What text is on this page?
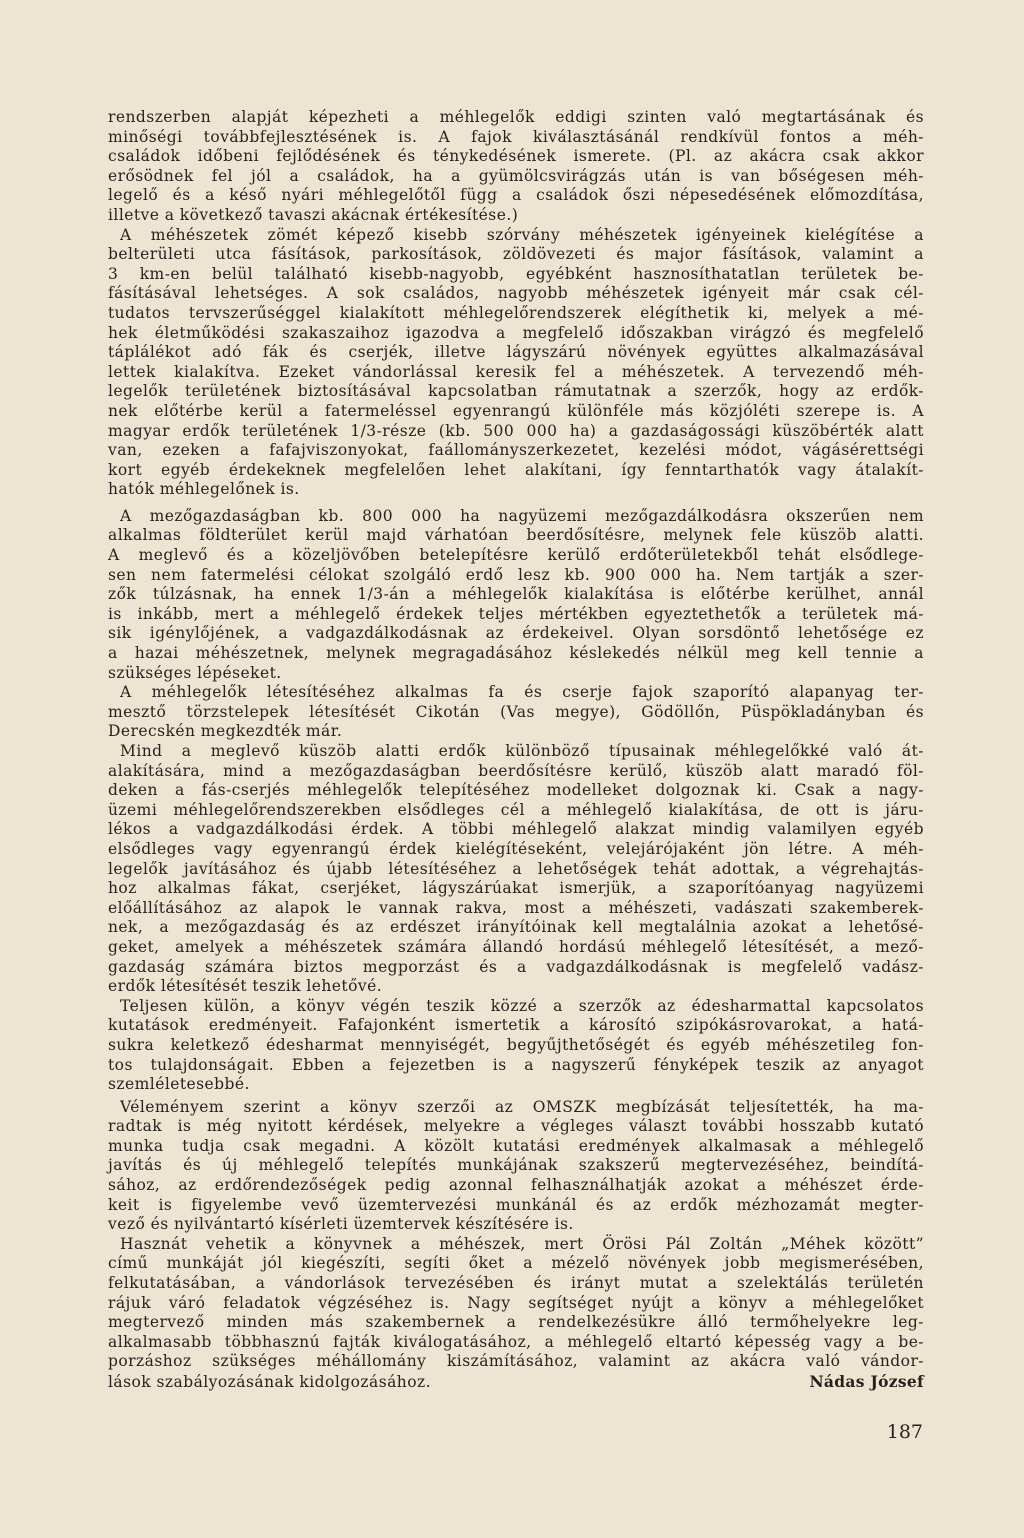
rendszerben alapját képezheti a méhlegelők eddigi szinten való megtartásának és
minőségi továbbfejlesztésének is. A fajok kiválasztásánál rendkívül fontos a méh-
családok időbeni fejlődésének és ténykedésének ismerete. (Pl. az akácra csak akkor
erősödnek fel jól a családok, ha a gyümölcsvirágzás után is van bőségesen méh-
legelő és a késő nyári méhlegelőtől függ a családok őszi népesedésének előmozdítása,
illetve a következő tavaszi akácnak értékesítése.)
A méhészetek zömét képező kisebb szórvány méhészetek igényeinek kielégítése a
belterületi utca fásítások, parkosítások, zöldövezeti és major fásítások, valamint a
3 km-en belül található kisebb-nagyobb, egyébként hasznosíthatatlan területek be-
fásításával lehetséges. A sok családos, nagyobb méhészetek igényeit már csak cél-
tudatos tervszerűséggel kialakított méhlegelőrendszerek elégíthetik ki, melyek a mé-
hek életműködési szakaszaihoz igazodva a megfelelő időszakban virágzó és megfelelő
táplálékot adó fák és cserjék, illetve lágyszárú növények együttes alkalmazásával
lettek kialakítva. Ezeket vándorlással keresik fel a méhészetek. A tervezendő méh-
legelők területének biztosításával kapcsolatban rámutatnak a szerzők, hogy az erdők-
nek előtérbe kerül a fatermeléssel egyenrangú különféle más közjóléti szerepe is. A
magyar erdők területének 1/3-része (kb. 500 000 ha) a gazdaságossági küszöbérték alatt
van, ezeken a fafajviszonyokat, faállományszerkezetet, kezelési módot, vágásérettségi
kort egyéb érdekeknek megfelelően lehet alakítani, így fenntarthatók vagy átalakít-
hatók méhlegelőnek is.
A mezőgazdaságban kb. 800 000 ha nagyüzemi mezőgazdálkodásra okszerűen nem
alkalmas földterület kerül majd várhatóan beerdősítésre, melynek fele küszöb alatti.
A meglevő és a közeljövőben betelepítésre kerülő erdőterületekből tehát elsődlege-
sen nem fatermelési célokat szolgáló erdő lesz kb. 900 000 ha. Nem tartják a szer-
zők túlzásnak, ha ennek 1/3-án a méhlegelők kialakítása is előtérbe kerülhet, annál
is inkább, mert a méhlegelő érdekek teljes mértékben egyeztethetők a területek má-
sik igénylőjének, a vadgazdálkodásnak az érdekeivel. Olyan sorsdöntő lehetősége ez
a hazai méhészetnek, melynek megragadásához késlekedés nélkül meg kell tennie a
szükséges lépéseket.
A méhlegelők létesítéséhez alkalmas fa és cserje fajok szaporító alapanyag ter-
mesztő törzstelepek létesítését Cikotán (Vas megye), Gödöllőn, Püspökladányban és
Derecskén megkezdték már.
Mind a meglevő küszöb alatti erdők különböző típusainak méhlegelőkké való át-
alakítására, mind a mezőgazdaságban beerdősítésre kerülő, küszöb alatt maradó föl-
deken a fás-cserjés méhlegelők telepítéséhez modelleket dolgoznak ki. Csak a nagy-
üzemi méhlegelőrendszerekben elsődleges cél a méhlegelő kialakítása, de ott is járu-
lékos a vadgazdálkodási érdek. A többi méhlegelő alakzat mindig valamilyen egyéb
elsődleges vagy egyenrangú érdek kielégítéseként, velejárójaként jön létre. A méh-
legelők javításához és újabb létesítéséhez a lehetőségek tehát adottak, a végrehajtás-
hoz alkalmas fákat, cserjéket, lágyszárúakat ismerjük, a szaporítóanyag nagyüzemi
előállításához az alapok le vannak rakva, most a méhészeti, vadászati szakemberek-
nek, a mezőgazdaság és az erdészet irányítóinak kell megtalálnia azokat a lehetősé-
geket, amelyek a méhészetek számára állandó hordású méhlegelő létesítését, a mező-
gazdaság számára biztos megporzást és a vadgazdálkodásnak is megfelelő vadász-
erdők létesítését teszik lehetővé.
Teljesen külön, a könyv végén teszik közzé a szerzők az édesharmattal kapcsolatos
kutatások eredményeit. Fafajonként ismertetik a károsító szipókásrovarokat, a hatá-
sukra keletkező édesharmat mennyiségét, begyűjthetőségét és egyéb méhészetileg fon-
tos tulajdonságait. Ebben a fejezetben is a nagyszerű fényképek teszik az anyagot
szemléletesebbé.
Véleményem szerint a könyv szerzői az OMSZK megbízását teljesítették, ha ma-
radtak is még nyitott kérdések, melyekre a végleges választ további hosszabb kutató
munka tudja csak megadni. A közölt kutatási eredmények alkalmasak a méhlegelő
javítás és új méhlegelő telepítés munkájának szakszerű megtervezéséhez, beindítá-
sához, az erdőrendezőségek pedig azonnal felhasználhatják azokat a méhészet érde-
keit is figyelembe vevő üzemtervezési munkánál és az erdők mézhozamát megter-
vező és nyilvántartó kísérleti üzemtervek készítésére is.
Hasznát vehetik a könyvnek a méhészek, mert Örösi Pál Zoltán „Méhek között”
című munkáját jól kiegészíti, segíti őket a mézelő növények jobb megismerésében,
felkutatásában, a vándorlások tervezésében és irányt mutat a szelektálás területén
rájuk váró feladatok végzéséhez is. Nagy segítséget nyújt a könyv a méhlegelőket
megtervező minden más szakembernek a rendelkezésükre álló termőhelyekre leg-
alkalmasabb többhasznú fajták kiválogatásához, a méhlegelő eltartó képesség vagy a be-
porzáshoz szükséges méhállomány kiszámításához, valamint az akácra való vándor-
lások szabályozásának kidolgozásához.	Nádas József
187
